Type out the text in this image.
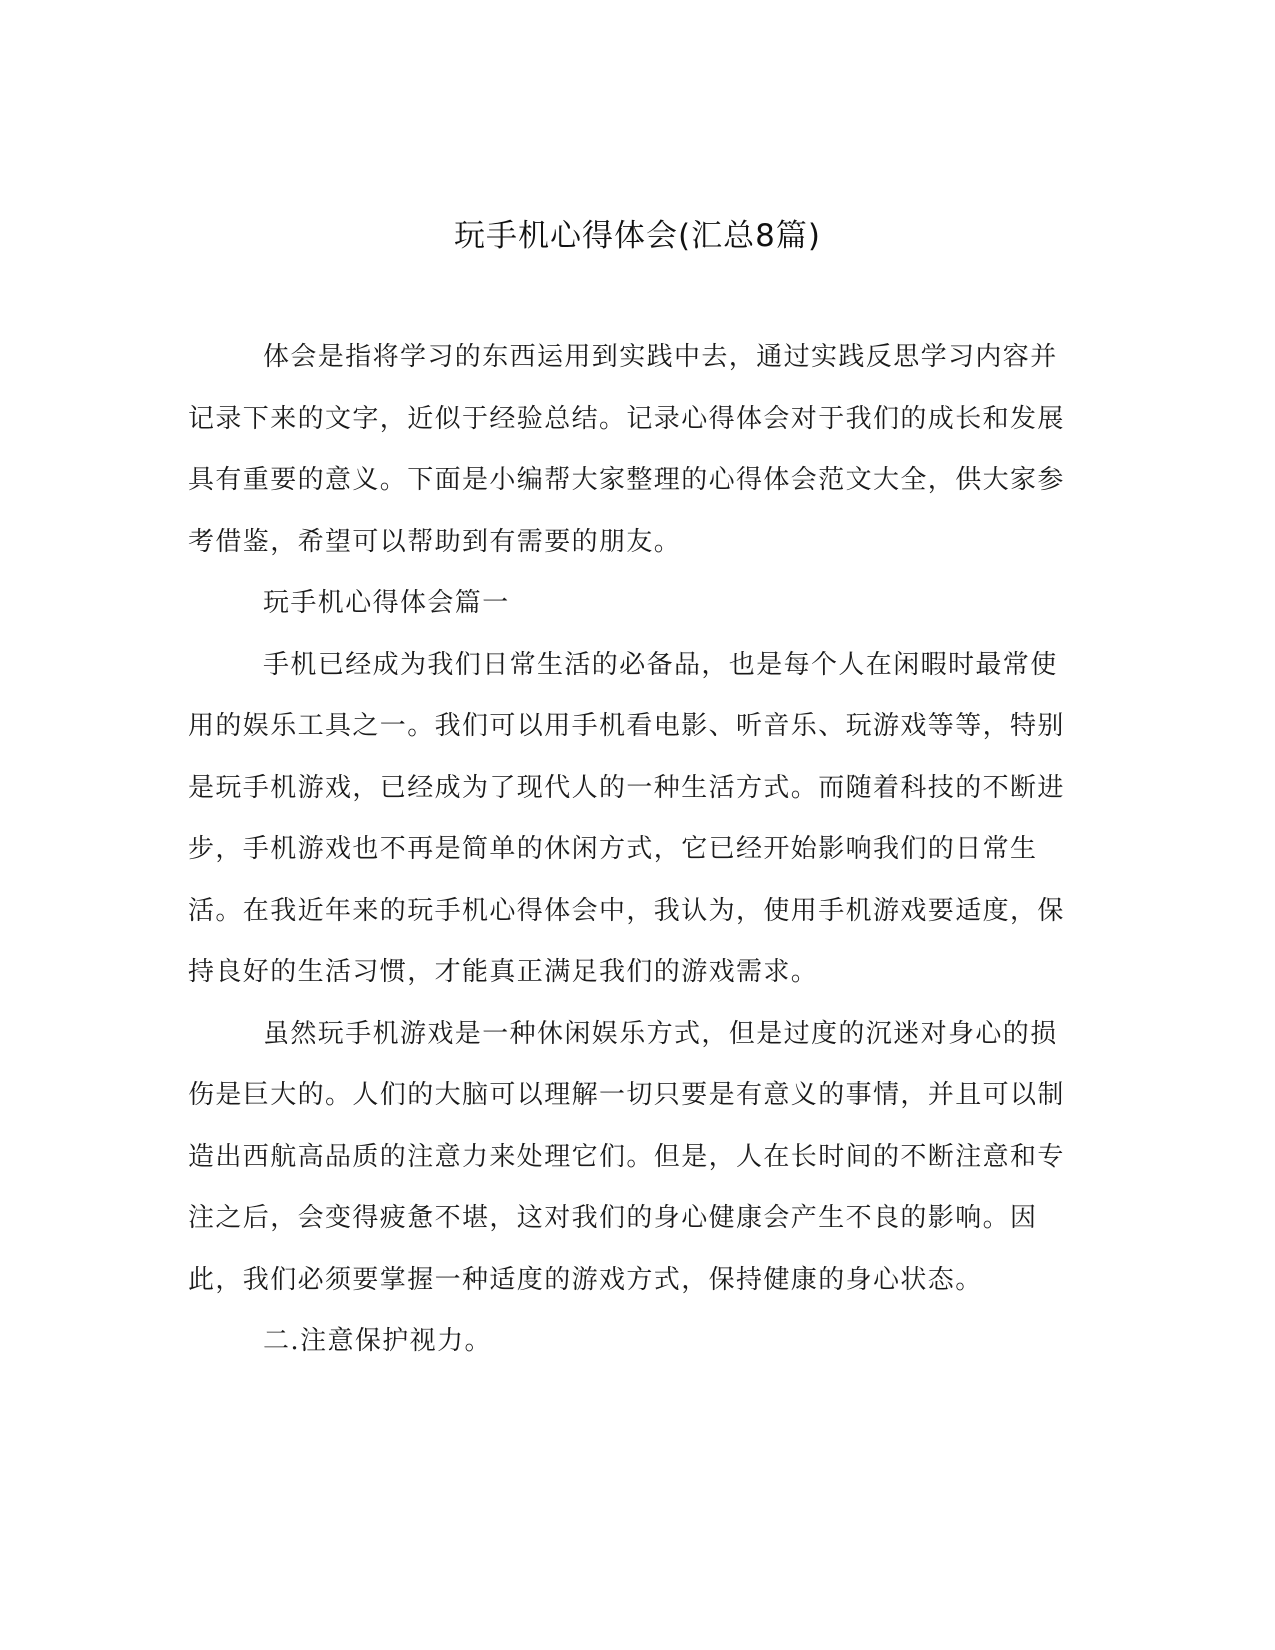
玩手机心得体会(汇总8篇)

体会是指将学习的东西运用到实践中去，通过实践反思学习内容并记录下来的文字，近似于经验总结。记录心得体会对于我们的成长和发展具有重要的意义。下面是小编帮大家整理的心得体会范文大全，供大家参考借鉴，希望可以帮助到有需要的朋友。

玩手机心得体会篇一

手机已经成为我们日常生活的必备品，也是每个人在闲暇时最常使用的娱乐工具之一。我们可以用手机看电影、听音乐、玩游戏等等，特别是玩手机游戏，已经成为了现代人的一种生活方式。而随着科技的不断进步，手机游戏也不再是简单的休闲方式，它已经开始影响我们的日常生活。在我近年来的玩手机心得体会中，我认为，使用手机游戏要适度，保持良好的生活习惯，才能真正满足我们的游戏需求。

虽然玩手机游戏是一种休闲娱乐方式，但是过度的沉迷对身心的损伤是巨大的。人们的大脑可以理解一切只要是有意义的事情，并且可以制造出西航高品质的注意力来处理它们。但是，人在长时间的不断注意和专注之后，会变得疲惫不堪，这对我们的身心健康会产生不良的影响。因此，我们必须要掌握一种适度的游戏方式，保持健康的身心状态。

二.注意保护视力。
